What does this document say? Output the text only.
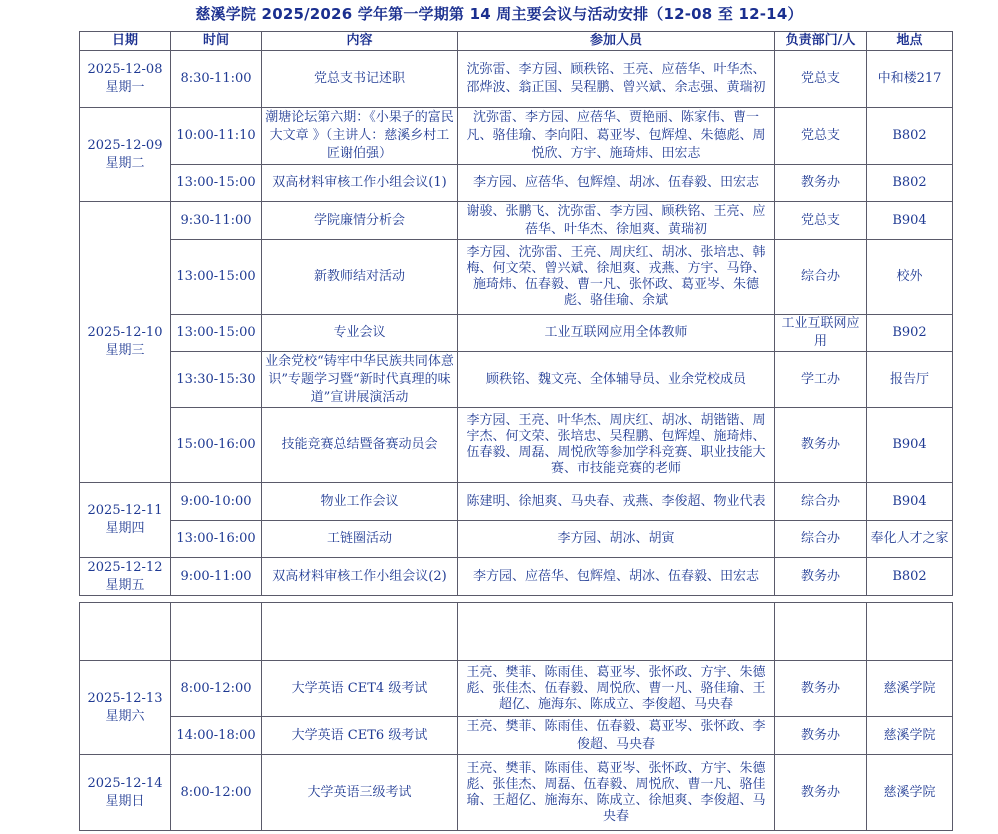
慈溪学院 2025/2026 学年第一学期第 14 周主要会议与活动安排（12-08 至 12-14）
日期	时间	内容	参加人员	负责部门/人	地点

2025-12-08
星期一	8:30-11:00	党总支书记述职	沈弥雷、李方园、顾秩铭、王亮、应蓓华、叶华杰、邵烨波、翁正国、吴程鹏、曾兴斌、余志强、黄瑞初	党总支	中和楼217

2025-12-09
星期二	10:00-11:10	潮塘论坛第六期：《小果子的富民大文章 》（主讲人：慈溪乡村工匠谢伯强）	沈弥雷、李方园、应蓓华、贾艳丽、陈家伟、曹一凡、骆佳瑜、李向阳、葛亚岑、包辉煌、朱德彪、周悦欣、方宇、施琦炜、田宏志	党总支	B802
	13:00-15:00	双高材料审核工作小组会议(1)	李方园、应蓓华、包辉煌、胡冰、伍春毅、田宏志	教务办	B802

2025-12-10
星期三	9:30-11:00	学院廉情分析会	谢骏、张鹏飞、沈弥雷、李方园、顾秩铭、王亮、应蓓华、叶华杰、徐旭爽、黄瑞初	党总支	B904
	13:00-15:00	新教师结对活动	李方园、沈弥雷、王亮、周庆红、胡冰、张培忠、韩梅、何文荣、曾兴斌、徐旭爽、戎燕、方宇、马铮、施琦炜、伍春毅、曹一凡、张怀政、葛亚岑、朱德彪、骆佳瑜、余斌	综合办	校外
	13:00-15:00	专业会议	工业互联网应用全体教师	工业互联网应用	B902
	13:30-15:30	业余党校“铸牢中华民族共同体意识”专题学习暨“新时代真理的味道”宣讲展演活动	顾秩铭、魏文亮、全体辅导员、业余党校成员	学工办	报告厅
	15:00-16:00	技能竞赛总结暨备赛动员会	李方园、王亮、叶华杰、周庆红、胡冰、胡锴锴、周宇杰、何文荣、张培忠、吴程鹏、包辉煌、施琦炜、伍春毅、周磊、周悦欣等参加学科竞赛、职业技能大赛、市技能竞赛的老师	教务办	B904

2025-12-11
星期四	9:00-10:00	物业工作会议	陈建明、徐旭爽、马央春、戎燕、李俊超、物业代表	综合办	B904
	13:00-16:00	工链圈活动	李方园、胡冰、胡寅	综合办	奉化人才之家

2025-12-12
星期五	9:00-11:00	双高材料审核工作小组会议(2)	李方园、应蓓华、包辉煌、胡冰、伍春毅、田宏志	教务办	B802

2025-12-13
星期六	8:00-12:00	大学英语 CET4 级考试	王亮、樊菲、陈雨佳、葛亚岑、张怀政、方宇、朱德彪、张佳杰、伍春毅、周悦欣、曹一凡、骆佳瑜、王超亿、施海东、陈成立、李俊超、马央春	教务办	慈溪学院
	14:00-18:00	大学英语 CET6 级考试	王亮、樊菲、陈雨佳、伍春毅、葛亚岑、张怀政、李俊超、马央春	教务办	慈溪学院

2025-12-14
星期日	8:00-12:00	大学英语三级考试	王亮、樊菲、陈雨佳、葛亚岑、张怀政、方宇、朱德彪、张佳杰、周磊、伍春毅、周悦欣、曹一凡、骆佳瑜、王超亿、施海东、陈成立、徐旭爽、李俊超、马央春	教务办	慈溪学院
